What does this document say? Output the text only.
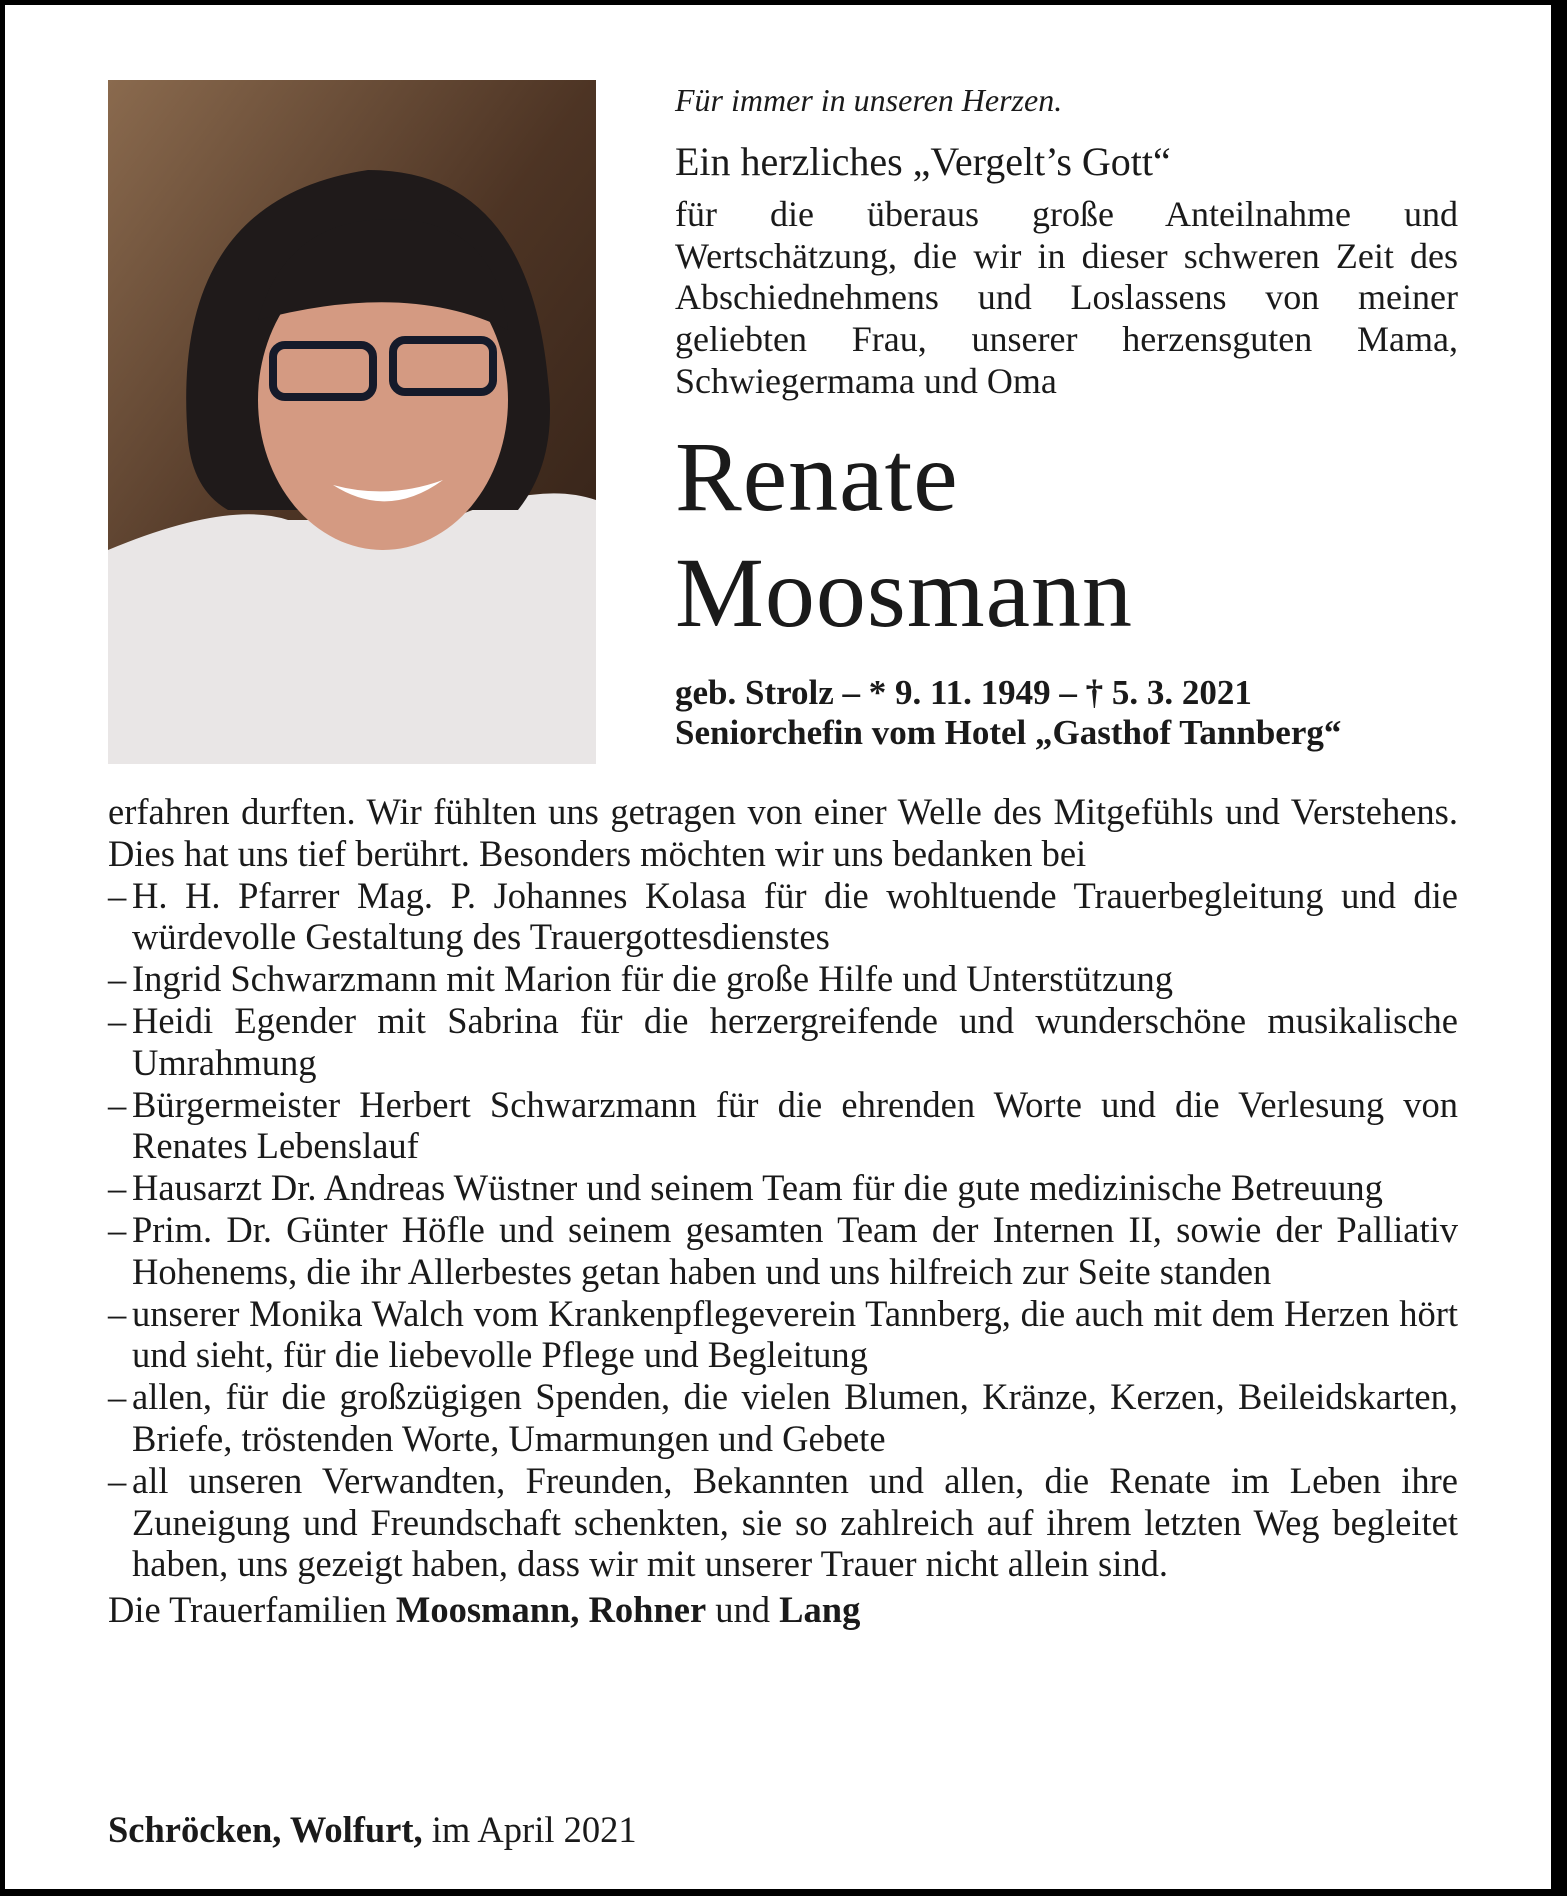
Für immer in unseren Herzen.

Ein herzliches „Vergelt’s Gott“

für die überaus große Anteilnahme und Wertschätzung, die wir in dieser schweren Zeit des Abschiednehmens und Loslassens von meiner geliebten Frau, unserer herzensguten Mama, Schwiegermama und Oma

Renate
Moosmann
geb. Strolz – * 9. 11. 1949 – † 5. 3. 2021
Seniorchefin vom Hotel „Gasthof Tannberg“

erfahren durften. Wir fühlten uns getragen von einer Welle des Mitgefühls und Verstehens. Dies hat uns tief berührt. Besonders möchten wir uns bedanken bei

– H. H. Pfarrer Mag. P. Johannes Kolasa für die wohltuende Trauerbegleitung und die würdevolle Gestaltung des Trauergottesdienstes
– Ingrid Schwarzmann mit Marion für die große Hilfe und Unterstützung
– Heidi Egender mit Sabrina für die herzergreifende und wunderschöne musikalische Umrahmung
– Bürgermeister Herbert Schwarzmann für die ehrenden Worte und die Verlesung von Renates Lebenslauf
– Hausarzt Dr. Andreas Wüstner und seinem Team für die gute medizinische Betreuung
– Prim. Dr. Günter Höfle und seinem gesamten Team der Internen II, sowie der Palliativ Hohenems, die ihr Allerbestes getan haben und uns hilfreich zur Seite standen
– unserer Monika Walch vom Krankenpflegeverein Tannberg, die auch mit dem Herzen hört und sieht, für die liebevolle Pflege und Begleitung
– allen, für die großzügigen Spenden, die vielen Blumen, Kränze, Kerzen, Beileidskarten, Briefe, tröstenden Worte, Umarmungen und Gebete
– all unseren Verwandten, Freunden, Bekannten und allen, die Renate im Leben ihre Zuneigung und Freundschaft schenkten, sie so zahlreich auf ihrem letzten Weg begleitet haben, uns gezeigt haben, dass wir mit unserer Trauer nicht allein sind.

Die Trauerfamilien Moosmann, Rohner und Lang

Schröcken, Wolfurt, im April 2021
